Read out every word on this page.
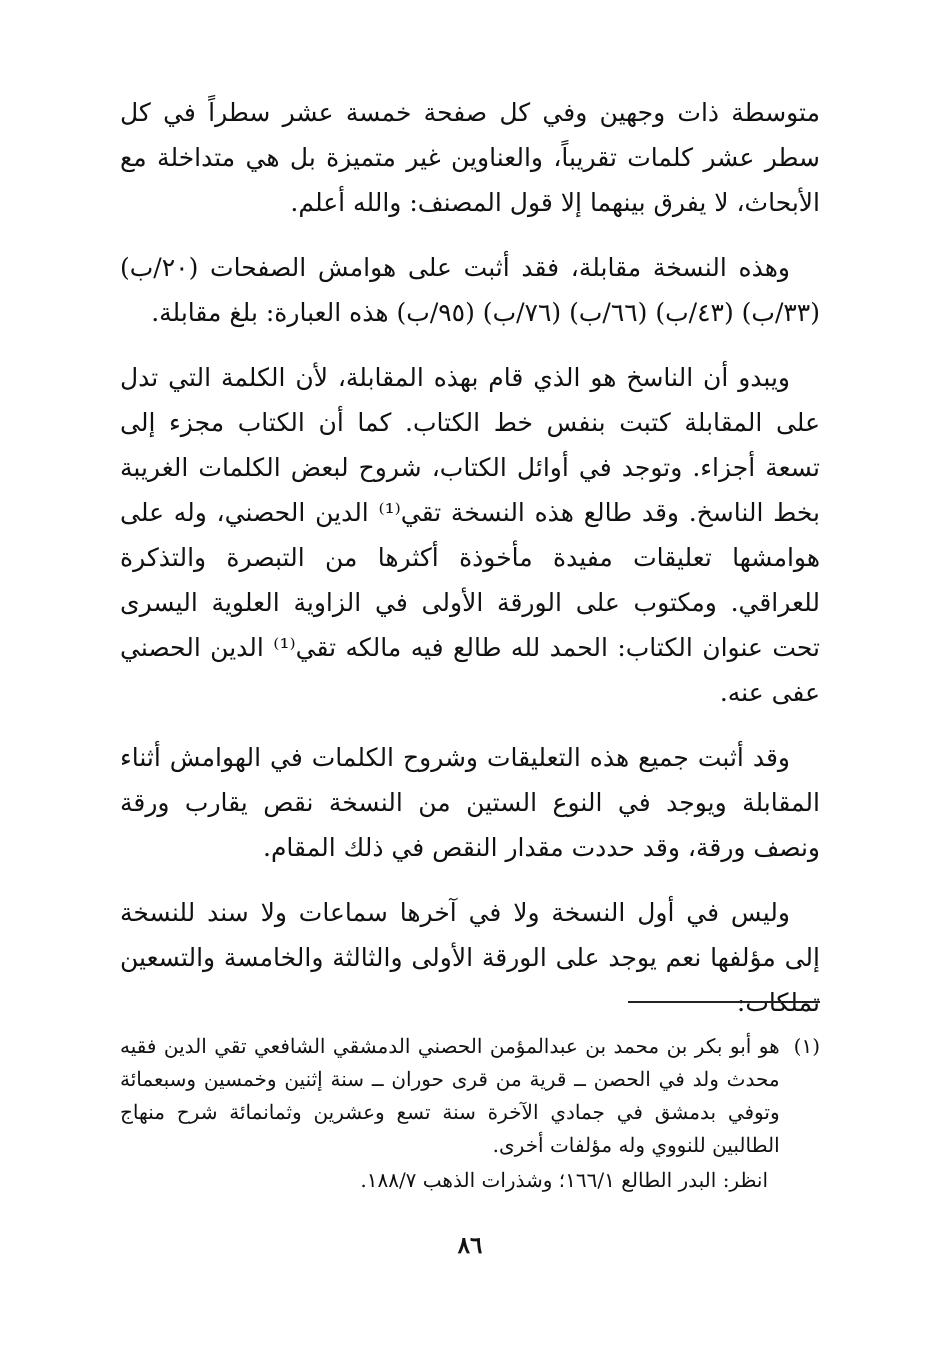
متوسطة ذات وجهين وفي كل صفحة خمسة عشر سطراً في كل سطر عشر كلمات تقريباً، والعناوين غير متميزة بل هي متداخلة مع الأبحاث، لا يفرق بينهما إلا قول المصنف: والله أعلم.

وهذه النسخة مقابلة، فقد أثبت على هوامش الصفحات (٢٠/ب) (٣٣/ب) (٤٣/ب) (٦٦/ب) (٧٦/ب) (٩٥/ب) هذه العبارة: بلغ مقابلة.

ويبدو أن الناسخ هو الذي قام بهذه المقابلة، لأن الكلمة التي تدل على المقابلة كتبت بنفس خط الكتاب. كما أن الكتاب مجزء إلى تسعة أجزاء. وتوجد في أوائل الكتاب، شروح لبعض الكلمات الغريبة بخط الناسخ. وقد طالع هذه النسخة تقي⁽¹⁾ الدين الحصني، وله على هوامشها تعليقات مفيدة مأخوذة أكثرها من التبصرة والتذكرة للعراقي. ومكتوب على الورقة الأولى في الزاوية العلوية اليسرى تحت عنوان الكتاب: الحمد لله طالع فيه مالكه تقي⁽¹⁾ الدين الحصني عفى عنه.

وقد أثبت جميع هذه التعليقات وشروح الكلمات في الهوامش أثناء المقابلة ويوجد في النوع الستين من النسخة نقص يقارب ورقة ونصف ورقة، وقد حددت مقدار النقص في ذلك المقام.

وليس في أول النسخة ولا في آخرها سماعات ولا سند للنسخة إلى مؤلفها نعم يوجد على الورقة الأولى والثالثة والخامسة والتسعين تملكات:

(١)
هو أبو بكر بن محمد بن عبدالمؤمن الحصني الدمشقي الشافعي تقي الدين فقيه محدث ولد في الحصن ــ قرية من قرى حوران ــ سنة إثنين وخمسين وسبعمائة وتوفي بدمشق في جمادي الآخرة سنة تسع وعشرين وثمانمائة شرح منهاج الطالبين للنووي وله مؤلفات أخرى.
انظر: البدر الطالع ١٦٦/١؛ وشذرات الذهب ١٨٨/٧.
٨٦
